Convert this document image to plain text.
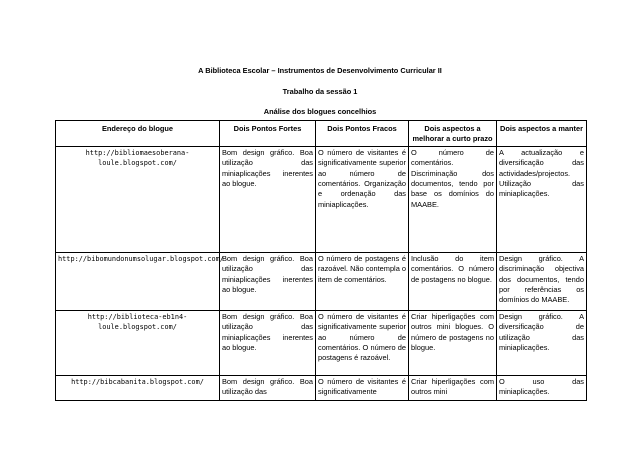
A Biblioteca Escolar – Instrumentos de Desenvolvimento Curricular II
Trabalho da sessão 1
Análise dos blogues concelhios
Endereço do blogue	Dois Pontos Fortes	Dois Pontos Fracos	Dois aspectos a melhorar a curto prazo	Dois aspectos a manter
http://bibliomaesoberana-loule.blogspot.com/	Bom design gráfico. Boa utilização das miniaplicações inerentes ao blogue.	O número de visitantes é significativamente superior ao número de comentários. Organização e ordenação das miniaplicações.	O número de comentários. Discriminação dos documentos, tendo por base os domínios do MAABE.	A actualização e diversificação das actividades/projectos. Utilização das miniaplicações.
http://bibomundonumsolugar.blogspot.com/	Bom design gráfico. Boa utilização das miniaplicações inerentes ao blogue.	O número de postagens é razoável. Não contempla o item de comentários.	Inclusão do item comentários. O número de postagens no blogue.	Design gráfico. A discriminação objectiva dos documentos, tendo por referências os domínios do MAABE.
http://biblioteca-eb1n4-loule.blogspot.com/	Bom design gráfico. Boa utilização das miniaplicações inerentes ao blogue.	O número de visitantes é significativamente superior ao número de comentários. O número de postagens é razoável.	Criar hiperligações com outros mini blogues. O número de postagens no blogue.	Design gráfico. A diversificação de utilização das miniaplicações.
http://bibcabanita.blogspot.com/	Bom design gráfico. Boa utilização das	O número de visitantes é significativamente	Criar hiperligações com outros mini	O uso das miniaplicações.
